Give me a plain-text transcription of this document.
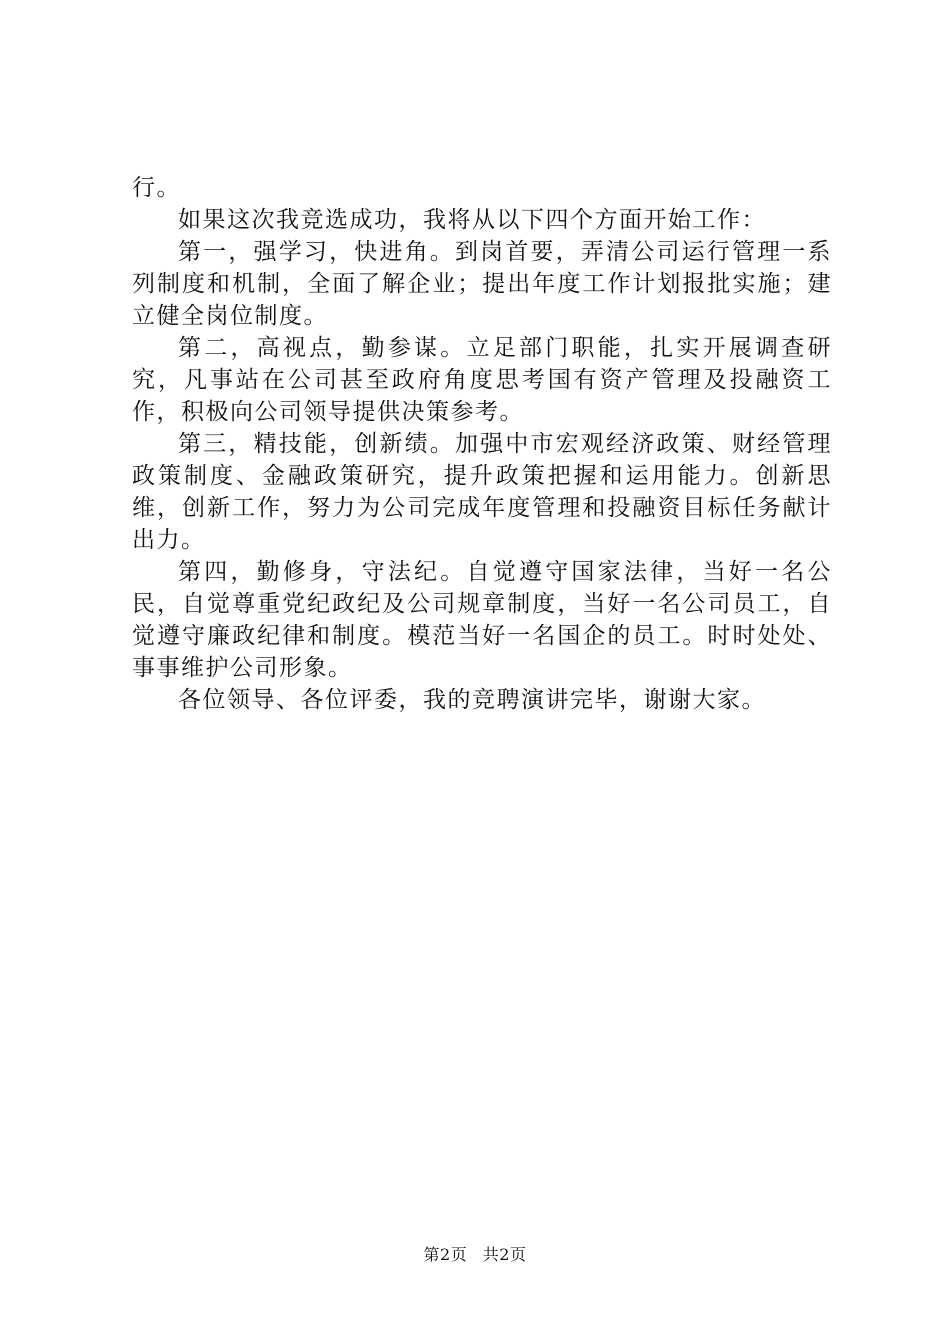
行。

如果这次我竞选成功，我将从以下四个方面开始工作：

第一，强学习，快进角。到岗首要，弄清公司运行管理一系列制度和机制，全面了解企业；提出年度工作计划报批实施；建立健全岗位制度。

第二，高视点，勤参谋。立足部门职能，扎实开展调查研究，凡事站在公司甚至政府角度思考国有资产管理及投融资工作，积极向公司领导提供决策参考。

第三，精技能，创新绩。加强中市宏观经济政策、财经管理政策制度、金融政策研究，提升政策把握和运用能力。创新思维，创新工作，努力为公司完成年度管理和投融资目标任务献计出力。

第四，勤修身，守法纪。自觉遵守国家法律，当好一名公民，自觉尊重党纪政纪及公司规章制度，当好一名公司员工，自觉遵守廉政纪律和制度。模范当好一名国企的员工。时时处处、事事维护公司形象。

各位领导、各位评委，我的竞聘演讲完毕，谢谢大家。

第2页 共2页
